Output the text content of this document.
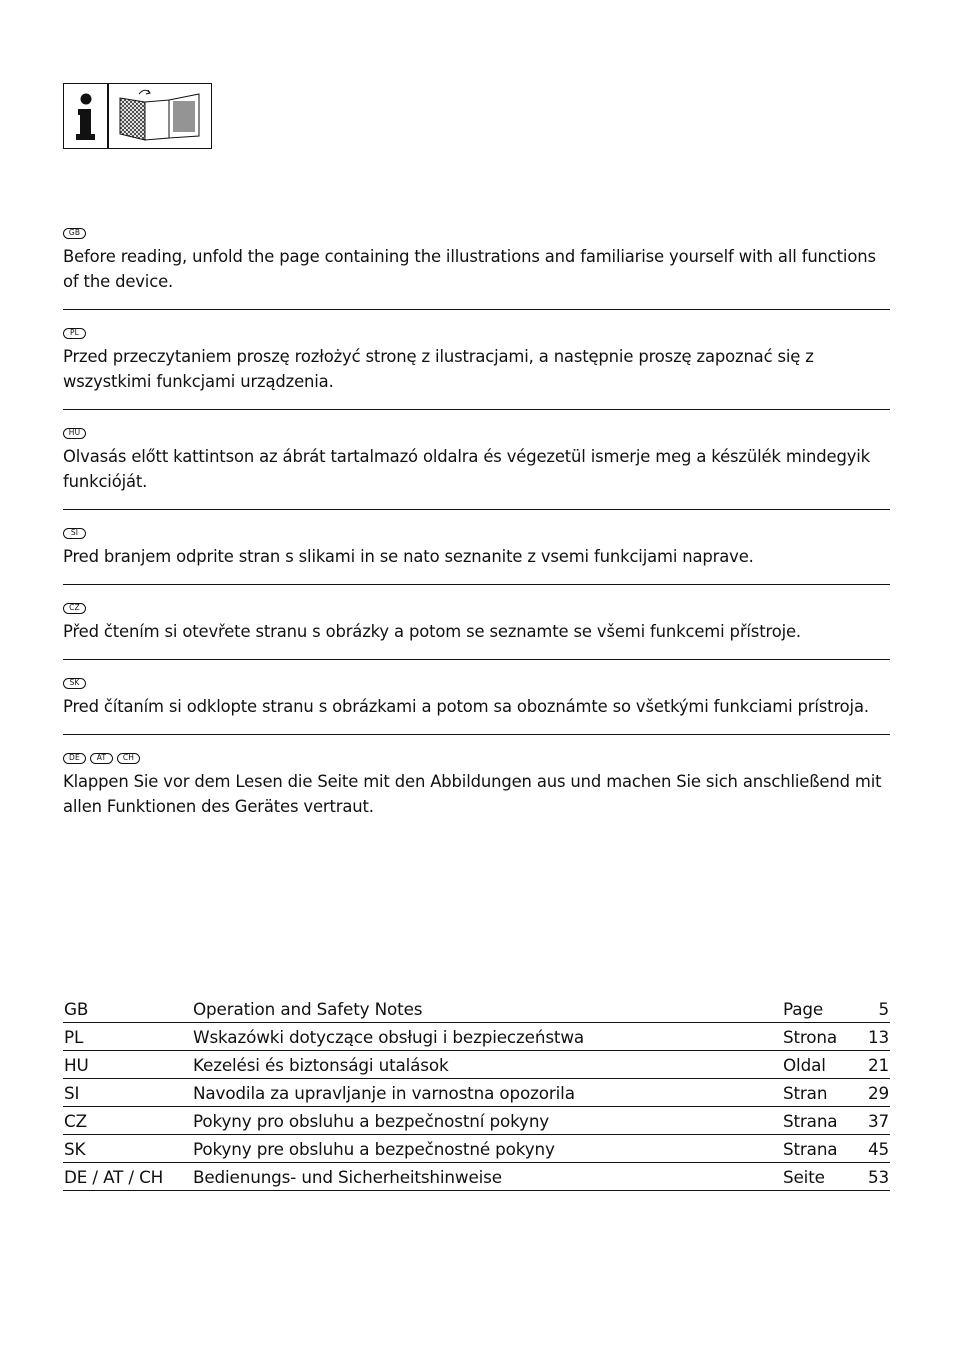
GB
Before reading, unfold the page containing the illustrations and familiarise yourself with all functions of the device.
PL
Przed przeczytaniem proszę rozłożyć stronę z ilustracjami, a następnie proszę zapoznać się z wszystkimi funkcjami urządzenia.
HU
Olvasás előtt kattintson az ábrát tartalmazó oldalra és végezetül ismerje meg a készülék mindegyik funkcióját.
SI
Pred branjem odprite stran s slikami in se nato seznanite z vsemi funkcijami naprave.
CZ
Před čtením si otevřete stranu s obrázky a potom se seznamte se všemi funkcemi přístroje.
SK
Pred čítaním si odklopte stranu s obrázkami a potom sa oboznámte so všetkými funkciami prístroja.
DE	AT	CH
Klappen Sie vor dem Lesen die Seite mit den Abbildungen aus und machen Sie sich anschließend mit allen Funktionen des Gerätes vertraut.
GB	Operation and Safety Notes	Page	5
PL	Wskazówki dotyczące obsługi i bezpieczeństwa	Strona 13
HU	Kezelési és biztonsági utalások	Oldal	21
SI	Navodila za upravljanje in varnostna opozorila	Stran 29
CZ	Pokyny pro obsluhu a bezpečnostní pokyny	Strana 37
SK	Pokyny pre obsluhu a bezpečnostné pokyny	Strana 45
DE / AT / CH Bedienungs- und Sicherheitshinweise	Seite	53
